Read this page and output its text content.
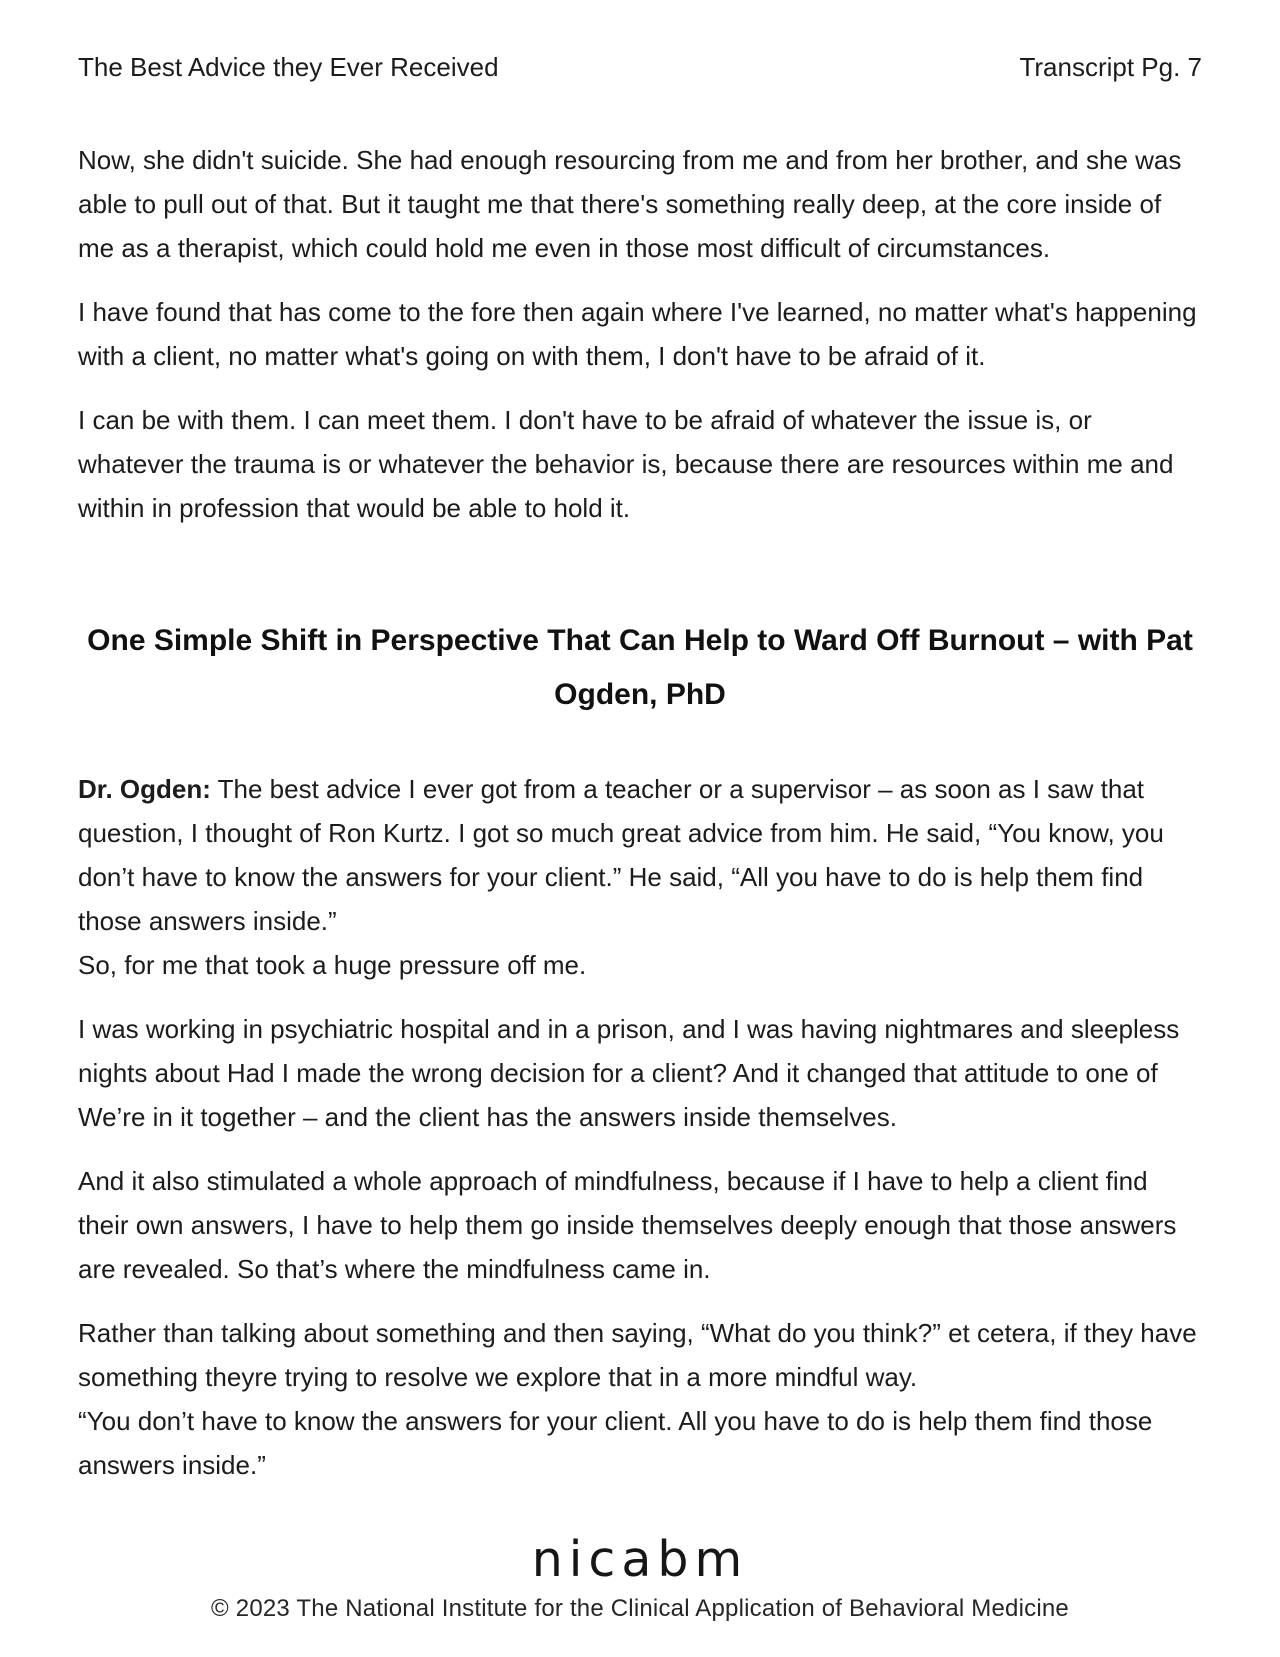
The Best Advice they Ever Received	Transcript Pg. 7

Now, she didn't suicide. She had enough resourcing from me and from her brother, and she was able to pull out of that. But it taught me that there's something really deep, at the core inside of me as a therapist, which could hold me even in those most difficult of circumstances.

I have found that has come to the fore then again where I've learned, no matter what's happening with a client, no matter what's going on with them, I don't have to be afraid of it.

I can be with them. I can meet them. I don't have to be afraid of whatever the issue is, or whatever the trauma is or whatever the behavior is, because there are resources within me and within in profession that would be able to hold it.

One Simple Shift in Perspective That Can Help to Ward Off Burnout – with Pat Ogden, PhD
Dr. Ogden: The best advice I ever got from a teacher or a supervisor – as soon as I saw that question, I thought of Ron Kurtz. I got so much great advice from him. He said, “You know, you don’t have to know the answers for your client.” He said, “All you have to do is help them find those answers inside.”
So, for me that took a huge pressure off me.

I was working in psychiatric hospital and in a prison, and I was having nightmares and sleepless nights about Had I made the wrong decision for a client? And it changed that attitude to one of We’re in it together – and the client has the answers inside themselves.

And it also stimulated a whole approach of mindfulness, because if I have to help a client find their own answers, I have to help them go inside themselves deeply enough that those answers are revealed. So that’s where the mindfulness came in.

Rather than talking about something and then saying, “What do you think?” et cetera, if they have something theyre trying to resolve we explore that in a more mindful way.
“You don’t have to know the answers for your client. All you have to do is help them find those answers inside.”
nicabm
© 2023 The National Institute for the Clinical Application of Behavioral Medicine
